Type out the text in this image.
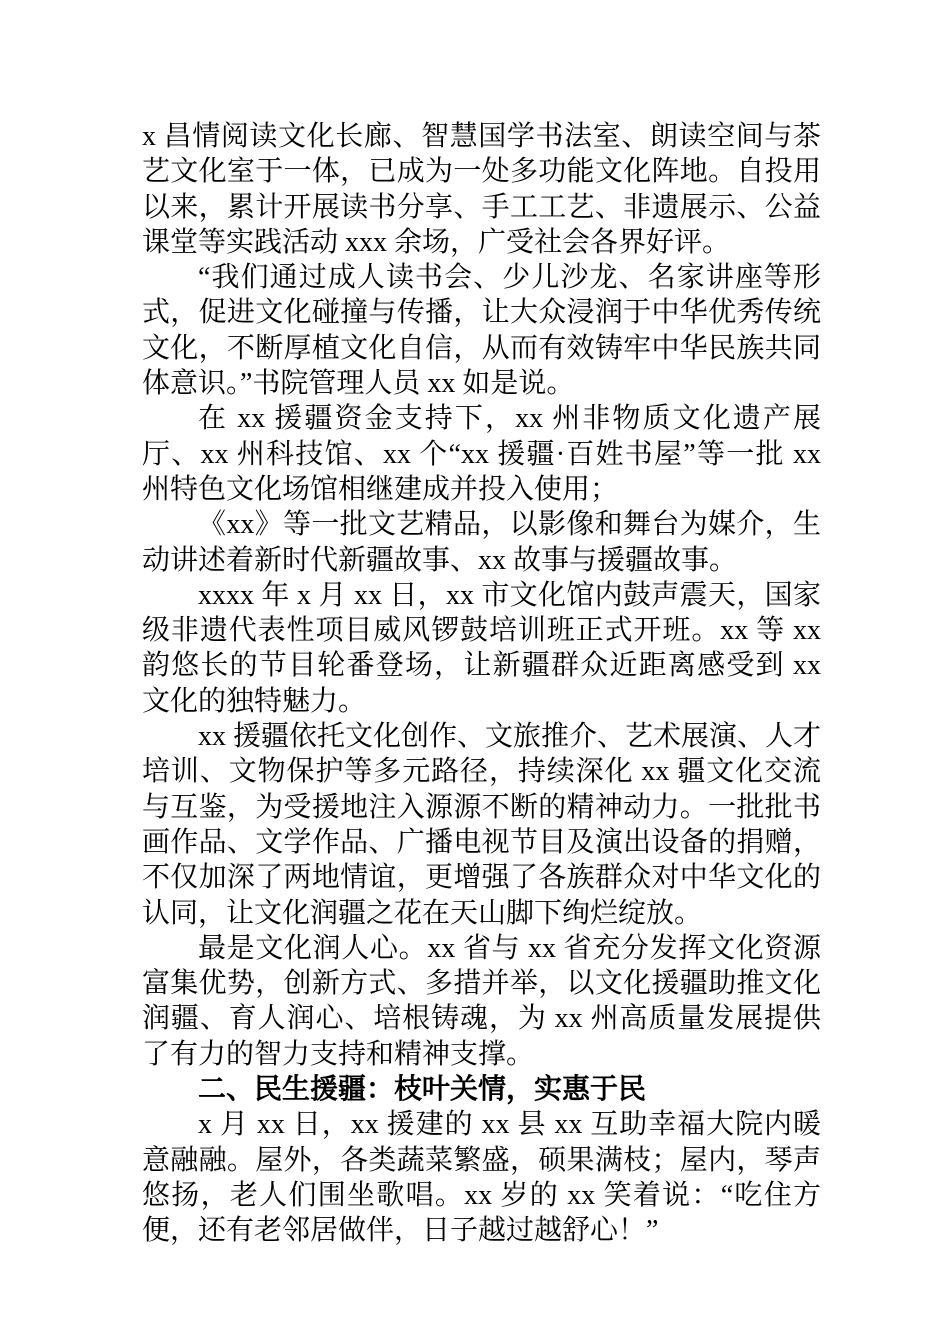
x 昌情阅读文化长廊、智慧国学书法室、朗读空间与茶艺文化室于一体，已成为一处多功能文化阵地。自投用以来，累计开展读书分享、手工工艺、非遗展示、公益课堂等实践活动 xxx 余场，广受社会各界好评。

“我们通过成人读书会、少儿沙龙、名家讲座等形式，促进文化碰撞与传播，让大众浸润于中华优秀传统文化，不断厚植文化自信，从而有效铸牢中华民族共同体意识。”书院管理人员 xx 如是说。

在 xx 援疆资金支持下，xx 州非物质文化遗产展厅、xx 州科技馆、xx 个“xx 援疆·百姓书屋”等一批 xx 州特色文化场馆相继建成并投入使用；

《xx》等一批文艺精品，以影像和舞台为媒介，生动讲述着新时代新疆故事、xx 故事与援疆故事。

xxxx 年 x 月 xx 日，xx 市文化馆内鼓声震天，国家级非遗代表性项目威风锣鼓培训班正式开班。xx 等 xx 韵悠长的节目轮番登场，让新疆群众近距离感受到 xx 文化的独特魅力。

xx 援疆依托文化创作、文旅推介、艺术展演、人才培训、文物保护等多元路径，持续深化 xx 疆文化交流与互鉴，为受援地注入源源不断的精神动力。一批批书画作品、文学作品、广播电视节目及演出设备的捐赠，不仅加深了两地情谊，更增强了各族群众对中华文化的认同，让文化润疆之花在天山脚下绚烂绽放。

最是文化润人心。xx 省与 xx 省充分发挥文化资源富集优势，创新方式、多措并举，以文化援疆助推文化润疆、育人润心、培根铸魂，为 xx 州高质量发展提供了有力的智力支持和精神支撑。

二、民生援疆：枝叶关情，实惠于民

x 月 xx 日，xx 援建的 xx 县 xx 互助幸福大院内暖意融融。屋外，各类蔬菜繁盛，硕果满枝；屋内，琴声悠扬，老人们围坐歌唱。xx 岁的 xx 笑着说：“吃住方便，还有老邻居做伴，日子越过越舒心！”
